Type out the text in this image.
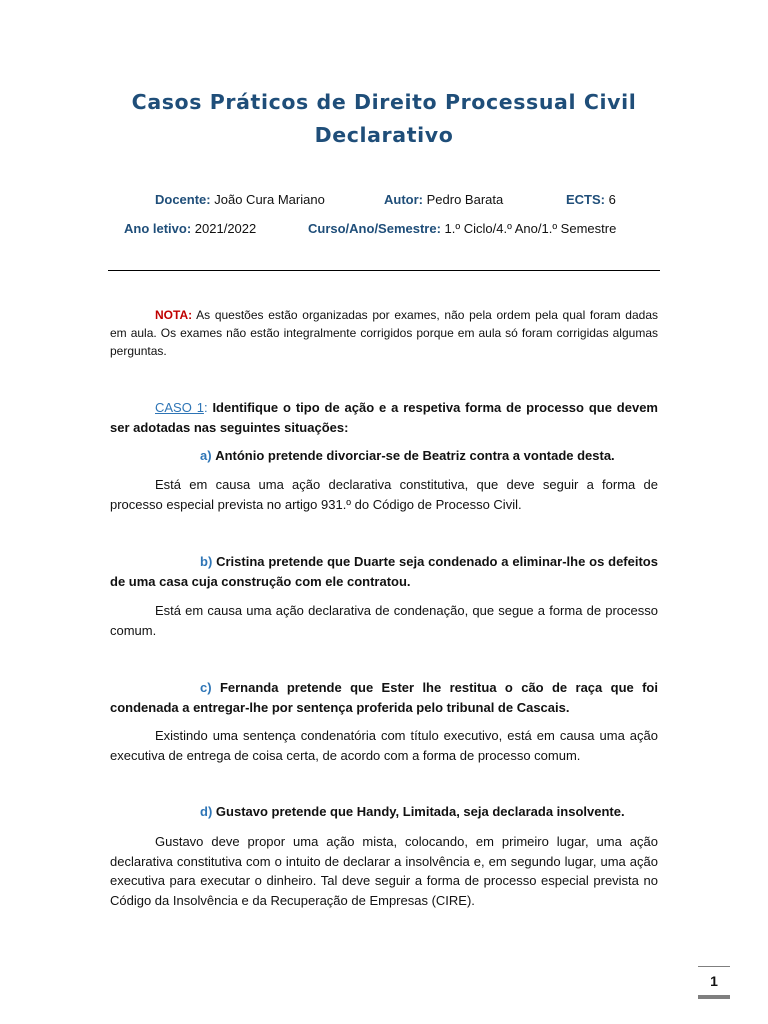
Casos Práticos de Direito Processual Civil
Declarativo
Docente: João Cura Mariano	Autor: Pedro Barata	ECTS: 6
Ano letivo: 2021/2022	Curso/Ano/Semestre: 1.º Ciclo/4.º Ano/1.º Semestre
NOTA: As questões estão organizadas por exames, não pela ordem pela qual foram dadas em aula. Os exames não estão integralmente corrigidos porque em aula só foram corrigidas algumas perguntas.
CASO 1: Identifique o tipo de ação e a respetiva forma de processo que devem ser adotadas nas seguintes situações:
a) António pretende divorciar-se de Beatriz contra a vontade desta.
Está em causa uma ação declarativa constitutiva, que deve seguir a forma de processo especial prevista no artigo 931.º do Código de Processo Civil.
b) Cristina pretende que Duarte seja condenado a eliminar-lhe os defeitos de uma casa cuja construção com ele contratou.
Está em causa uma ação declarativa de condenação, que segue a forma de processo comum.
c) Fernanda pretende que Ester lhe restitua o cão de raça que foi condenada a entregar-lhe por sentença proferida pelo tribunal de Cascais.
Existindo uma sentença condenatória com título executivo, está em causa uma ação executiva de entrega de coisa certa, de acordo com a forma de processo comum.
d) Gustavo pretende que Handy, Limitada, seja declarada insolvente.
Gustavo deve propor uma ação mista, colocando, em primeiro lugar, uma ação declarativa constitutiva com o intuito de declarar a insolvência e, em segundo lugar, uma ação executiva para executar o dinheiro. Tal deve seguir a forma de processo especial prevista no Código da Insolvência e da Recuperação de Empresas (CIRE).
1
